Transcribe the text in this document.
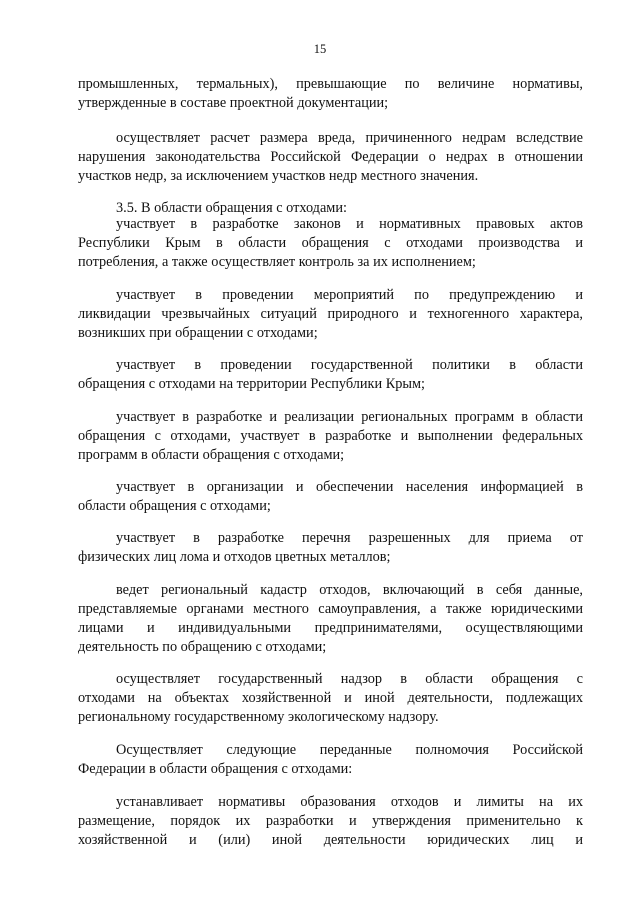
15
промышленных, термальных), превышающие по величине нормативы,
утвержденные в составе проектной документации;
осуществляет расчет размера вреда, причиненного недрам вследствие
нарушения законодательства Российской Федерации о недрах в отношении
участков недр, за исключением участков недр местного значения.
3.5. В области обращения с отходами:
участвует в разработке законов и нормативных правовых актов
Республики Крым в области обращения с отходами производства и
потребления, а также осуществляет контроль за их исполнением;
участвует в проведении мероприятий по предупреждению и
ликвидации чрезвычайных ситуаций природного и техногенного характера,
возникших при обращении с отходами;
участвует в проведении государственной политики в области
обращения с отходами на территории Республики Крым;
участвует в разработке и реализации региональных программ в области
обращения с отходами, участвует в разработке и выполнении федеральных
программ в области обращения с отходами;
участвует в организации и обеспечении населения информацией в
области обращения с отходами;
участвует в разработке перечня разрешенных для приема от
физических лиц лома и отходов цветных металлов;
ведет региональный кадастр отходов, включающий в себя данные,
представляемые органами местного самоуправления, а также юридическими
лицами и индивидуальными предпринимателями, осуществляющими
деятельность по обращению с отходами;
осуществляет государственный надзор в области обращения с
отходами на объектах хозяйственной и иной деятельности, подлежащих
региональному государственному экологическому надзору.
Осуществляет следующие переданные полномочия Российской
Федерации в области обращения с отходами:
устанавливает нормативы образования отходов и лимиты на их
размещение, порядок их разработки и утверждения применительно к
хозяйственной и (или) иной деятельности юридических лиц и
